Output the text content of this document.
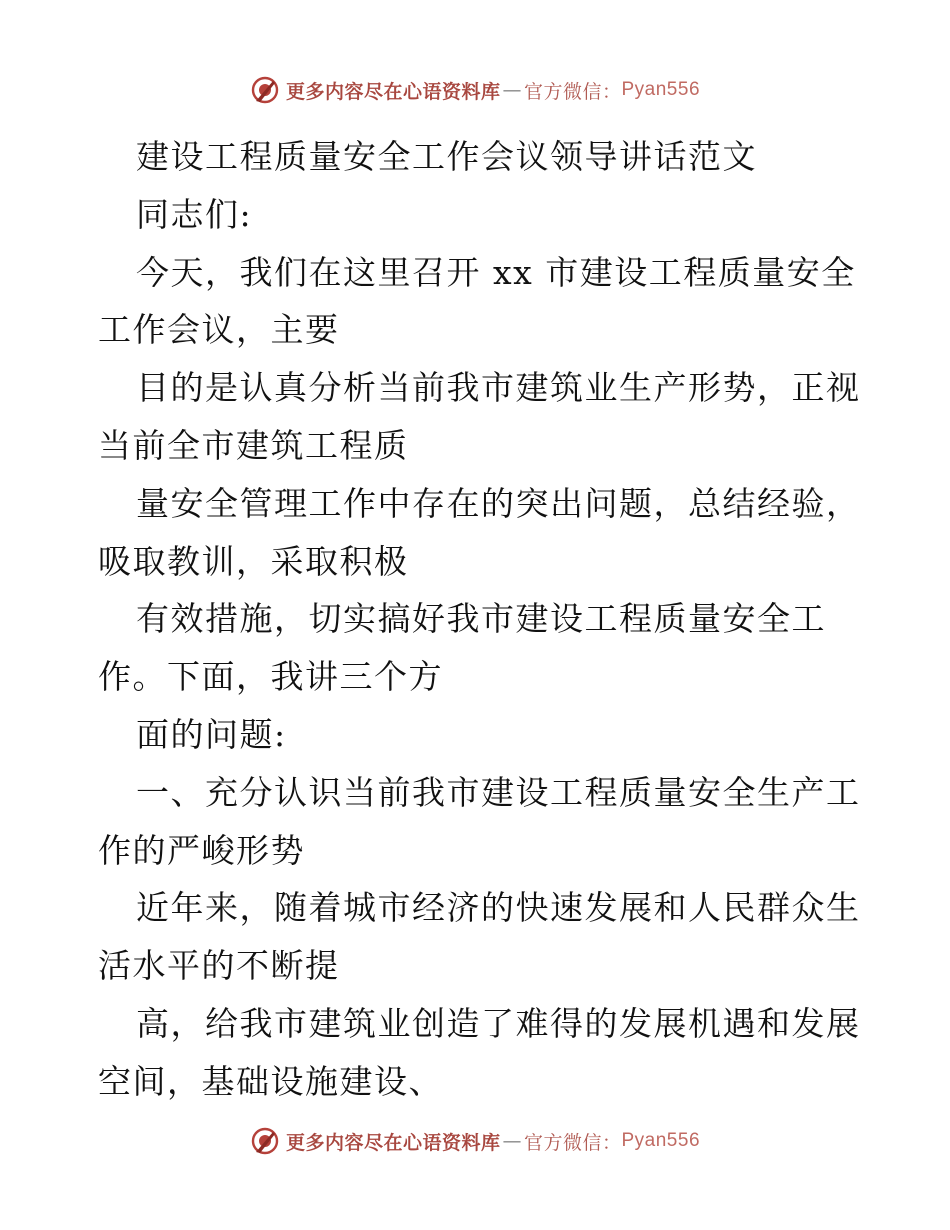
更多内容尽在心语资料库 — 官方微信： Pyan556
建设工程质量安全工作会议领导讲话范文
同志们:
今天，我们在这里召开 xx 市建设工程质量安全
工作会议，主要
目的是认真分析当前我市建筑业生产形势，正视
当前全市建筑工程质
量安全管理工作中存在的突出问题，总结经验，
吸取教训，采取积极
有效措施，切实搞好我市建设工程质量安全工
作。下面，我讲三个方
面的问题:
一、充分认识当前我市建设工程质量安全生产工
作的严峻形势
近年来，随着城市经济的快速发展和人民群众生
活水平的不断提
高，给我市建筑业创造了难得的发展机遇和发展
空间，基础设施建设、
更多内容尽在心语资料库 — 官方微信： Pyan556
